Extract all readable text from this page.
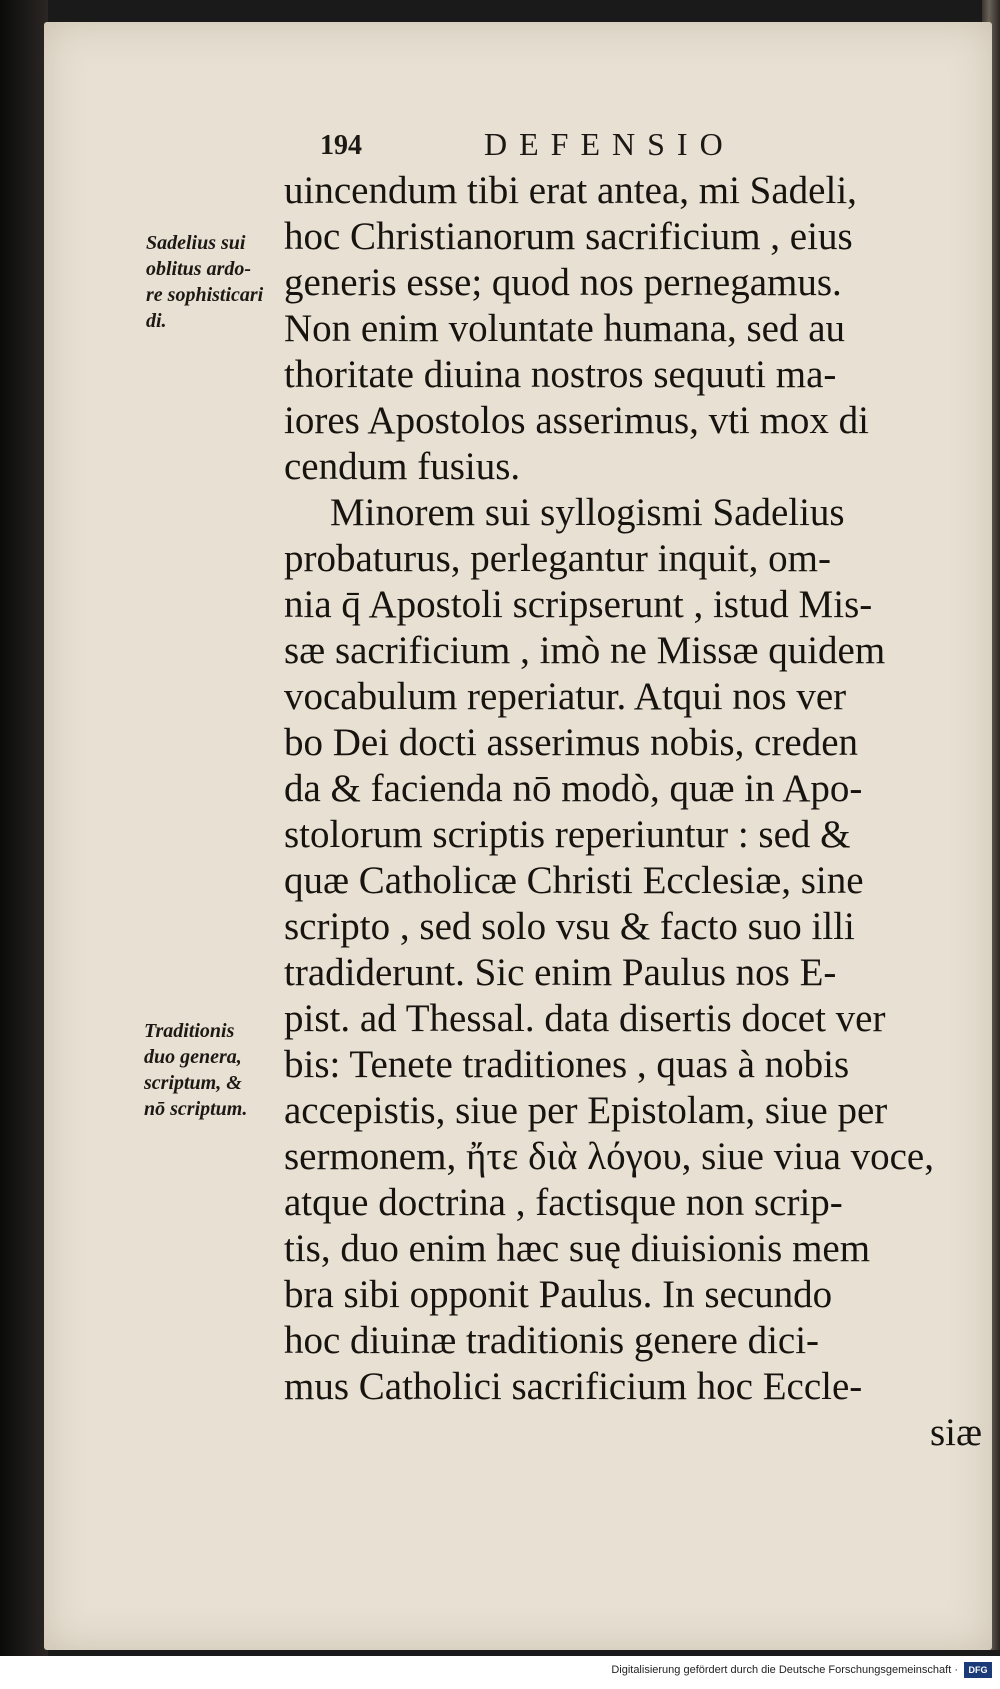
194	DEFENSIO
Sadelius sui
oblitus ardo-
re sophisticari
di.
Traditionis
duo genera,
scriptum, &
nō scriptum.
uincendum tibi erat antea, mi Sadeli,
hoc Christianorum sacrificium , eius
generis esse; quod nos pernegamus.
Non enim voluntate humana, sed au
thoritate diuina nostros sequuti ma-
iores Apostolos asserimus, vti mox di
cendum fusius.
Minorem sui syllogismi Sadelius
probaturus, perlegantur inquit, om-
nia q̄ Apostoli scripserunt , istud Mis-
sæ sacrificium , imò ne Missæ quidem
vocabulum reperiatur. Atqui nos ver
bo Dei docti asserimus nobis, creden
da & facienda nō modò, quæ in Apo-
stolorum scriptis reperiuntur : sed &
quæ Catholicæ Christi Ecclesiæ, sine
scripto , sed solo vsu & facto suo illi
tradiderunt. Sic enim Paulus nos E-
pist. ad Thessal. data disertis docet ver
bis: Tenete traditiones , quas à nobis
accepistis, siue per Epistolam, siue per
sermonem, ἤτε διὰ λόγου, siue viua voce,
atque doctrina , factisque non scrip-
tis, duo enim hæc suę diuisionis mem
bra sibi opponit Paulus. In secundo
hoc diuinæ traditionis genere dici-
mus Catholici sacrificium hoc Eccle-
siæ
Digitalisierung gefördert durch die Deutsche Forschungsgemeinschaft ·	DFG
